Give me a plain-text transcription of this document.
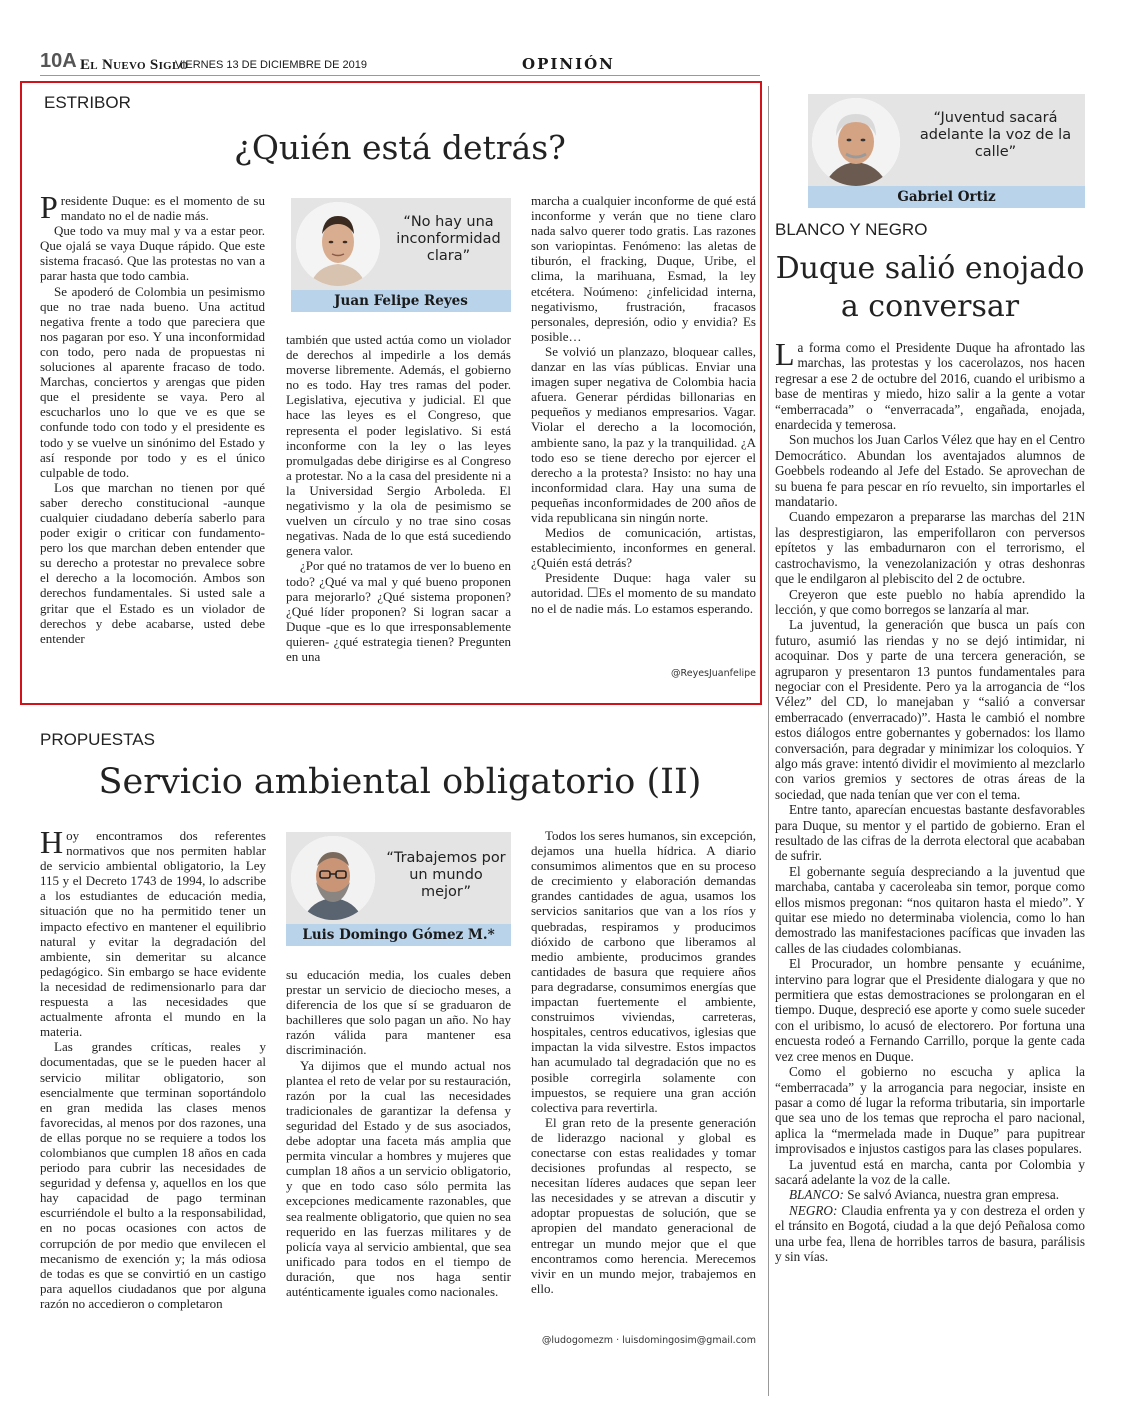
10A El Nuevo Siglo
VIERNES 13 DE DICIEMBRE DE 2019	OPINIÓN
ESTRIBOR
¿Quién está detrás?

Presidente Duque: es el momento de su mandato no el de nadie más.

Que todo va muy mal y va a estar peor. Que ojalá se vaya Duque rápido. Que este sistema fracasó. Que las protestas no van a parar hasta que todo cambia.

Se apoderó de Colombia un pesimismo que no trae nada bueno. Una actitud negativa frente a todo que pareciera que nos pagaran por eso. Y una inconformidad con todo, pero nada de propuestas ni soluciones al aparente fracaso de todo. Marchas, conciertos y arengas que piden que el presidente se vaya. Pero al escucharlos uno lo que ve es que se confunde todo con todo y el presidente es todo y se vuelve un sinónimo del Estado y así responde por todo y es el único culpable de todo.

Los que marchan no tienen por qué saber derecho constitucional -aunque cualquier ciudadano debería saberlo para poder exigir o criticar con fundamento- pero los que marchan deben entender que su derecho a protestar no prevalece sobre el derecho a la locomoción. Ambos son derechos fundamentales. Si usted sale a gritar que el Estado es un violador de derechos y debe acabarse, usted debe entender

“No hay una inconformidad clara”
Juan Felipe Reyes

también que usted actúa como un violador de derechos al impedirle a los demás moverse libremente. Además, el gobierno no es todo. Hay tres ramas del poder. Legislativa, ejecutiva y judicial. El que hace las leyes es el Congreso, que representa el poder legislativo. Si está inconforme con la ley o las leyes promulgadas debe dirigirse es al Congreso a protestar. No a la casa del presidente ni a la Universidad Sergio Arboleda. El negativismo y la ola de pesimismo se vuelven un círculo y no trae sino cosas negativas. Nada de lo que está sucediendo genera valor.

¿Por qué no tratamos de ver lo bueno en todo? ¿Qué va mal y qué bueno proponen para mejorarlo? ¿Qué sistema proponen? ¿Qué líder proponen? Si logran sacar a Duque -que es lo que irresponsablemente quieren- ¿qué estrategia tienen? Pregunten en una

marcha a cualquier inconforme de qué está inconforme y verán que no tiene claro nada salvo querer todo gratis. Las razones son variopintas. Fenómeno: las aletas de tiburón, el fracking, Duque, Uribe, el clima, la marihuana, Esmad, la ley etcétera. Noúmeno: ¿infelicidad interna, negativismo, frustración, fracasos personales, depresión, odio y envidia? Es posible…

Se volvió un planzazo, bloquear calles, danzar en las vías públicas. Enviar una imagen super negativa de Colombia hacia afuera. Generar pérdidas billonarias en pequeños y medianos empresarios. Vagar. Violar el derecho a la locomoción, ambiente sano, la paz y la tranquilidad. ¿A todo eso se tiene derecho por ejercer el derecho a la protesta? Insisto: no hay una inconformidad clara. Hay una suma de pequeñas inconformidades de 200 años de vida republicana sin ningún norte.

Medios de comunicación, artistas, establecimiento, inconformes en general. ¿Quién está detrás?

Presidente Duque: haga valer su autoridad. ☐Es el momento de su mandato no el de nadie más. Lo estamos esperando.

@ReyesJuanfelipe
PROPUESTAS
Servicio ambiental obligatorio (II)

Hoy encontramos dos referentes normativos que nos permiten hablar de servicio ambiental obligatorio, la Ley 115 y el Decreto 1743 de 1994, lo adscribe a los estudiantes de educación media, situación que no ha permitido tener un impacto efectivo en mantener el equilibrio natural y evitar la degradación del ambiente, sin demeritar su alcance pedagógico. Sin embargo se hace evidente la necesidad de redimensionarlo para dar respuesta a las necesidades que actualmente afronta el mundo en la materia.

Las grandes críticas, reales y documentadas, que se le pueden hacer al servicio militar obligatorio, son esencialmente que terminan soportándolo en gran medida las clases menos favorecidas, al menos por dos razones, una de ellas porque no se requiere a todos los colombianos que cumplen 18 años en cada periodo para cubrir las necesidades de seguridad y defensa y, aquellos en los que hay capacidad de pago terminan escurriéndole el bulto a la responsabilidad, en no pocas ocasiones con actos de corrupción de por medio que envilecen el mecanismo de exención y; la más odiosa de todas es que se convirtió en un castigo para aquellos ciudadanos que por alguna razón no accedieron o completaron

“Trabajemos por un mundo mejor”
Luis Domingo Gómez M.*

su educación media, los cuales deben prestar un servicio de dieciocho meses, a diferencia de los que sí se graduaron de bachilleres que solo pagan un año. No hay razón válida para mantener esa discriminación.

Ya dijimos que el mundo actual nos plantea el reto de velar por su restauración, razón por la cual las necesidades tradicionales de garantizar la defensa y seguridad del Estado y de sus asociados, debe adoptar una faceta más amplia que permita vincular a hombres y mujeres que cumplan 18 años a un servicio obligatorio, y que en todo caso sólo permita las excepciones medicamente razonables, que sea realmente obligatorio, que quien no sea requerido en las fuerzas militares y de policía vaya al servicio ambiental, que sea unificado para todos en el tiempo de duración, que nos haga sentir auténticamente iguales como nacionales.

Todos los seres humanos, sin excepción, dejamos una huella hídrica. A diario consumimos alimentos que en su proceso de crecimiento y elaboración demandas grandes cantidades de agua, usamos los servicios sanitarios que van a los ríos y quebradas, respiramos y producimos dióxido de carbono que liberamos al medio ambiente, producimos grandes cantidades de basura que requiere años para degradarse, consumimos energías que impactan fuertemente el ambiente, construimos viviendas, carreteras, hospitales, centros educativos, iglesias que impactan la vida silvestre. Estos impactos han acumulado tal degradación que no es posible corregirla solamente con impuestos, se requiere una gran acción colectiva para revertirla.

El gran reto de la presente generación de liderazgo nacional y global es conectarse con estas realidades y tomar decisiones profundas al respecto, se necesitan líderes audaces que sepan leer las necesidades y se atrevan a discutir y adoptar propuestas de solución, que se apropien del mandato generacional de entregar un mundo mejor que el que encontramos como herencia. Merecemos vivir en un mundo mejor, trabajemos en ello.

@ludogomezm · luisdomingosim@gmail.com
“Juventud sacará adelante la voz de la calle”
Gabriel Ortiz
BLANCO Y NEGRO
Duque salió enojado
a conversar

La forma como el Presidente Duque ha afrontado las marchas, las protestas y los cacerolazos, nos hacen regresar a ese 2 de octubre del 2016, cuando el uribismo a base de mentiras y miedo, hizo salir a la gente a votar “emberracada” o “enverracada”, engañada, enojada, enardecida y temerosa.

Son muchos los Juan Carlos Vélez que hay en el Centro Democrático. Abundan los aventajados alumnos de Goebbels rodeando al Jefe del Estado. Se aprovechan de su buena fe para pescar en río revuelto, sin importarles el mandatario.

Cuando empezaron a prepararse las marchas del 21N las desprestigiaron, las emperifollaron con perversos epítetos y las embadurnaron con el terrorismo, el castrochavismo, la venezolanización y otras deshonras que le endilgaron al plebiscito del 2 de octubre.

Creyeron que este pueblo no había aprendido la lección, y que como borregos se lanzaría al mar.

La juventud, la generación que busca un país con futuro, asumió las riendas y no se dejó intimidar, ni acoquinar. Dos y parte de una tercera generación, se agruparon y presentaron 13 puntos fundamentales para negociar con el Presidente. Pero ya la arrogancia de “los Vélez” del CD, lo manejaban y “salió a conversar emberracado (enverracado)”. Hasta le cambió el nombre estos diálogos entre gobernantes y gobernados: los llamo conversación, para degradar y minimizar los coloquios. Y algo más grave: intentó dividir el movimiento al mezclarlo con varios gremios y sectores de otras áreas de la sociedad, que nada tenían que ver con el tema.

Entre tanto, aparecían encuestas bastante desfavorables para Duque, su mentor y el partido de gobierno. Eran el resultado de las cifras de la derrota electoral que acababan de sufrir.

El gobernante seguía despreciando a la juventud que marchaba, cantaba y caceroleaba sin temor, porque como ellos mismos pregonan: “nos quitaron hasta el miedo”. Y quitar ese miedo no determinaba violencia, como lo han demostrado las manifestaciones pacíficas que invaden las calles de las ciudades colombianas.

El Procurador, un hombre pensante y ecuánime, intervino para lograr que el Presidente dialogara y que no permitiera que estas demostraciones se prolongaran en el tiempo. Duque, despreció ese aporte y como suele suceder con el uribismo, lo acusó de electorero. Por fortuna una encuesta rodeó a Fernando Carrillo, porque la gente cada vez cree menos en Duque.

Como el gobierno no escucha y aplica la “emberracada” y la arrogancia para negociar, insiste en pasar a como dé lugar la reforma tributaria, sin importarle que sea uno de los temas que reprocha el paro nacional, aplica la “mermelada made in Duque” para pupitrear improvisados e injustos castigos para las clases populares.

La juventud está en marcha, canta por Colombia y sacará adelante la voz de la calle.

BLANCO: Se salvó Avianca, nuestra gran empresa.

NEGRO: Claudia enfrenta ya y con destreza el orden y el tránsito en Bogotá, ciudad a la que dejó Peñalosa como una urbe fea, llena de horribles tarros de basura, parálisis y sin vías.
